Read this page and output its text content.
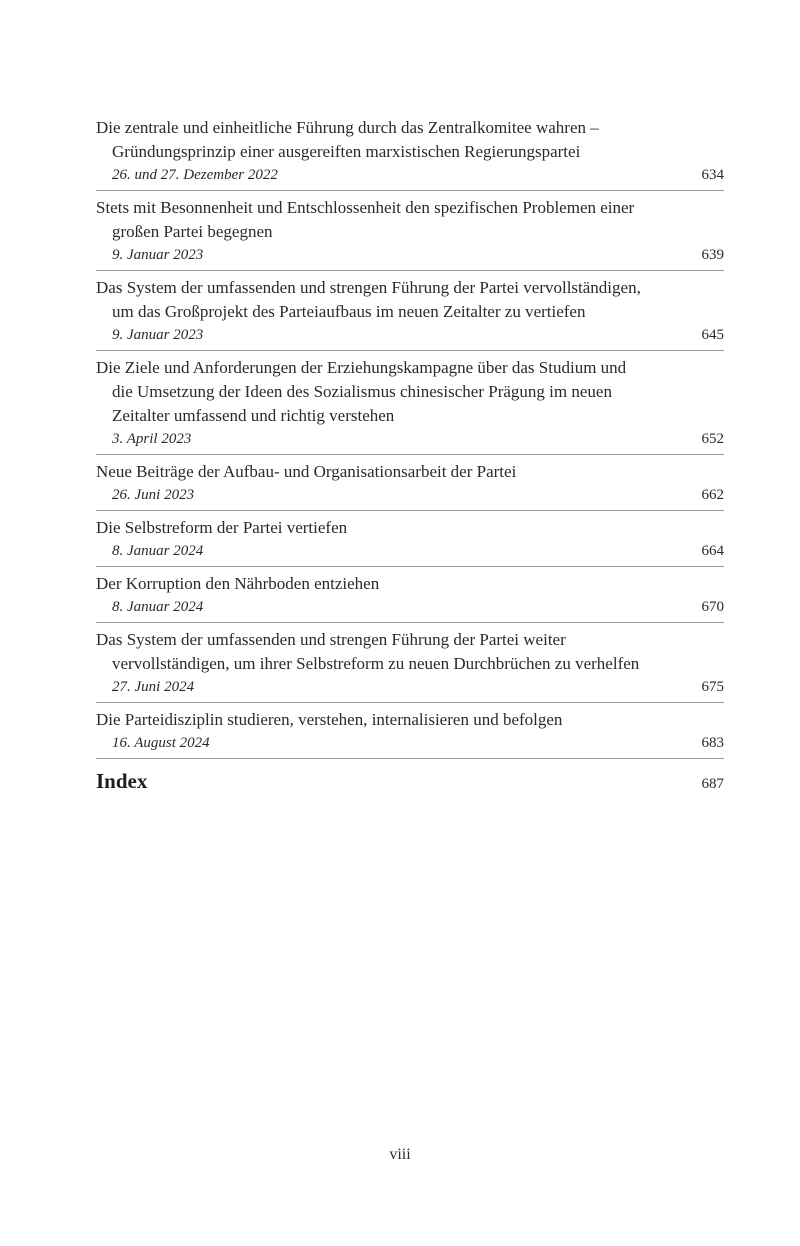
Die zentrale und einheitliche Führung durch das Zentralkomitee wahren – Gründungsprinzip einer ausgereiften marxistischen Regierungspartei
26. und 27. Dezember 2022	634
Stets mit Besonnenheit und Entschlossenheit den spezifischen Problemen einer großen Partei begegnen
9. Januar 2023	639
Das System der umfassenden und strengen Führung der Partei vervollständigen, um das Großprojekt des Parteiaufbaus im neuen Zeitalter zu vertiefen
9. Januar 2023	645
Die Ziele und Anforderungen der Erziehungskampagne über das Studium und die Umsetzung der Ideen des Sozialismus chinesischer Prägung im neuen Zeitalter umfassend und richtig verstehen
3. April 2023	652
Neue Beiträge der Aufbau- und Organisationsarbeit der Partei
26. Juni 2023	662
Die Selbstreform der Partei vertiefen
8. Januar 2024	664
Der Korruption den Nährboden entziehen
8. Januar 2024	670
Das System der umfassenden und strengen Führung der Partei weiter vervollständigen, um ihrer Selbstreform zu neuen Durchbrüchen zu verhelfen
27. Juni 2024	675
Die Parteidisziplin studieren, verstehen, internalisieren und befolgen
16. August 2024	683
Index	687
viii
